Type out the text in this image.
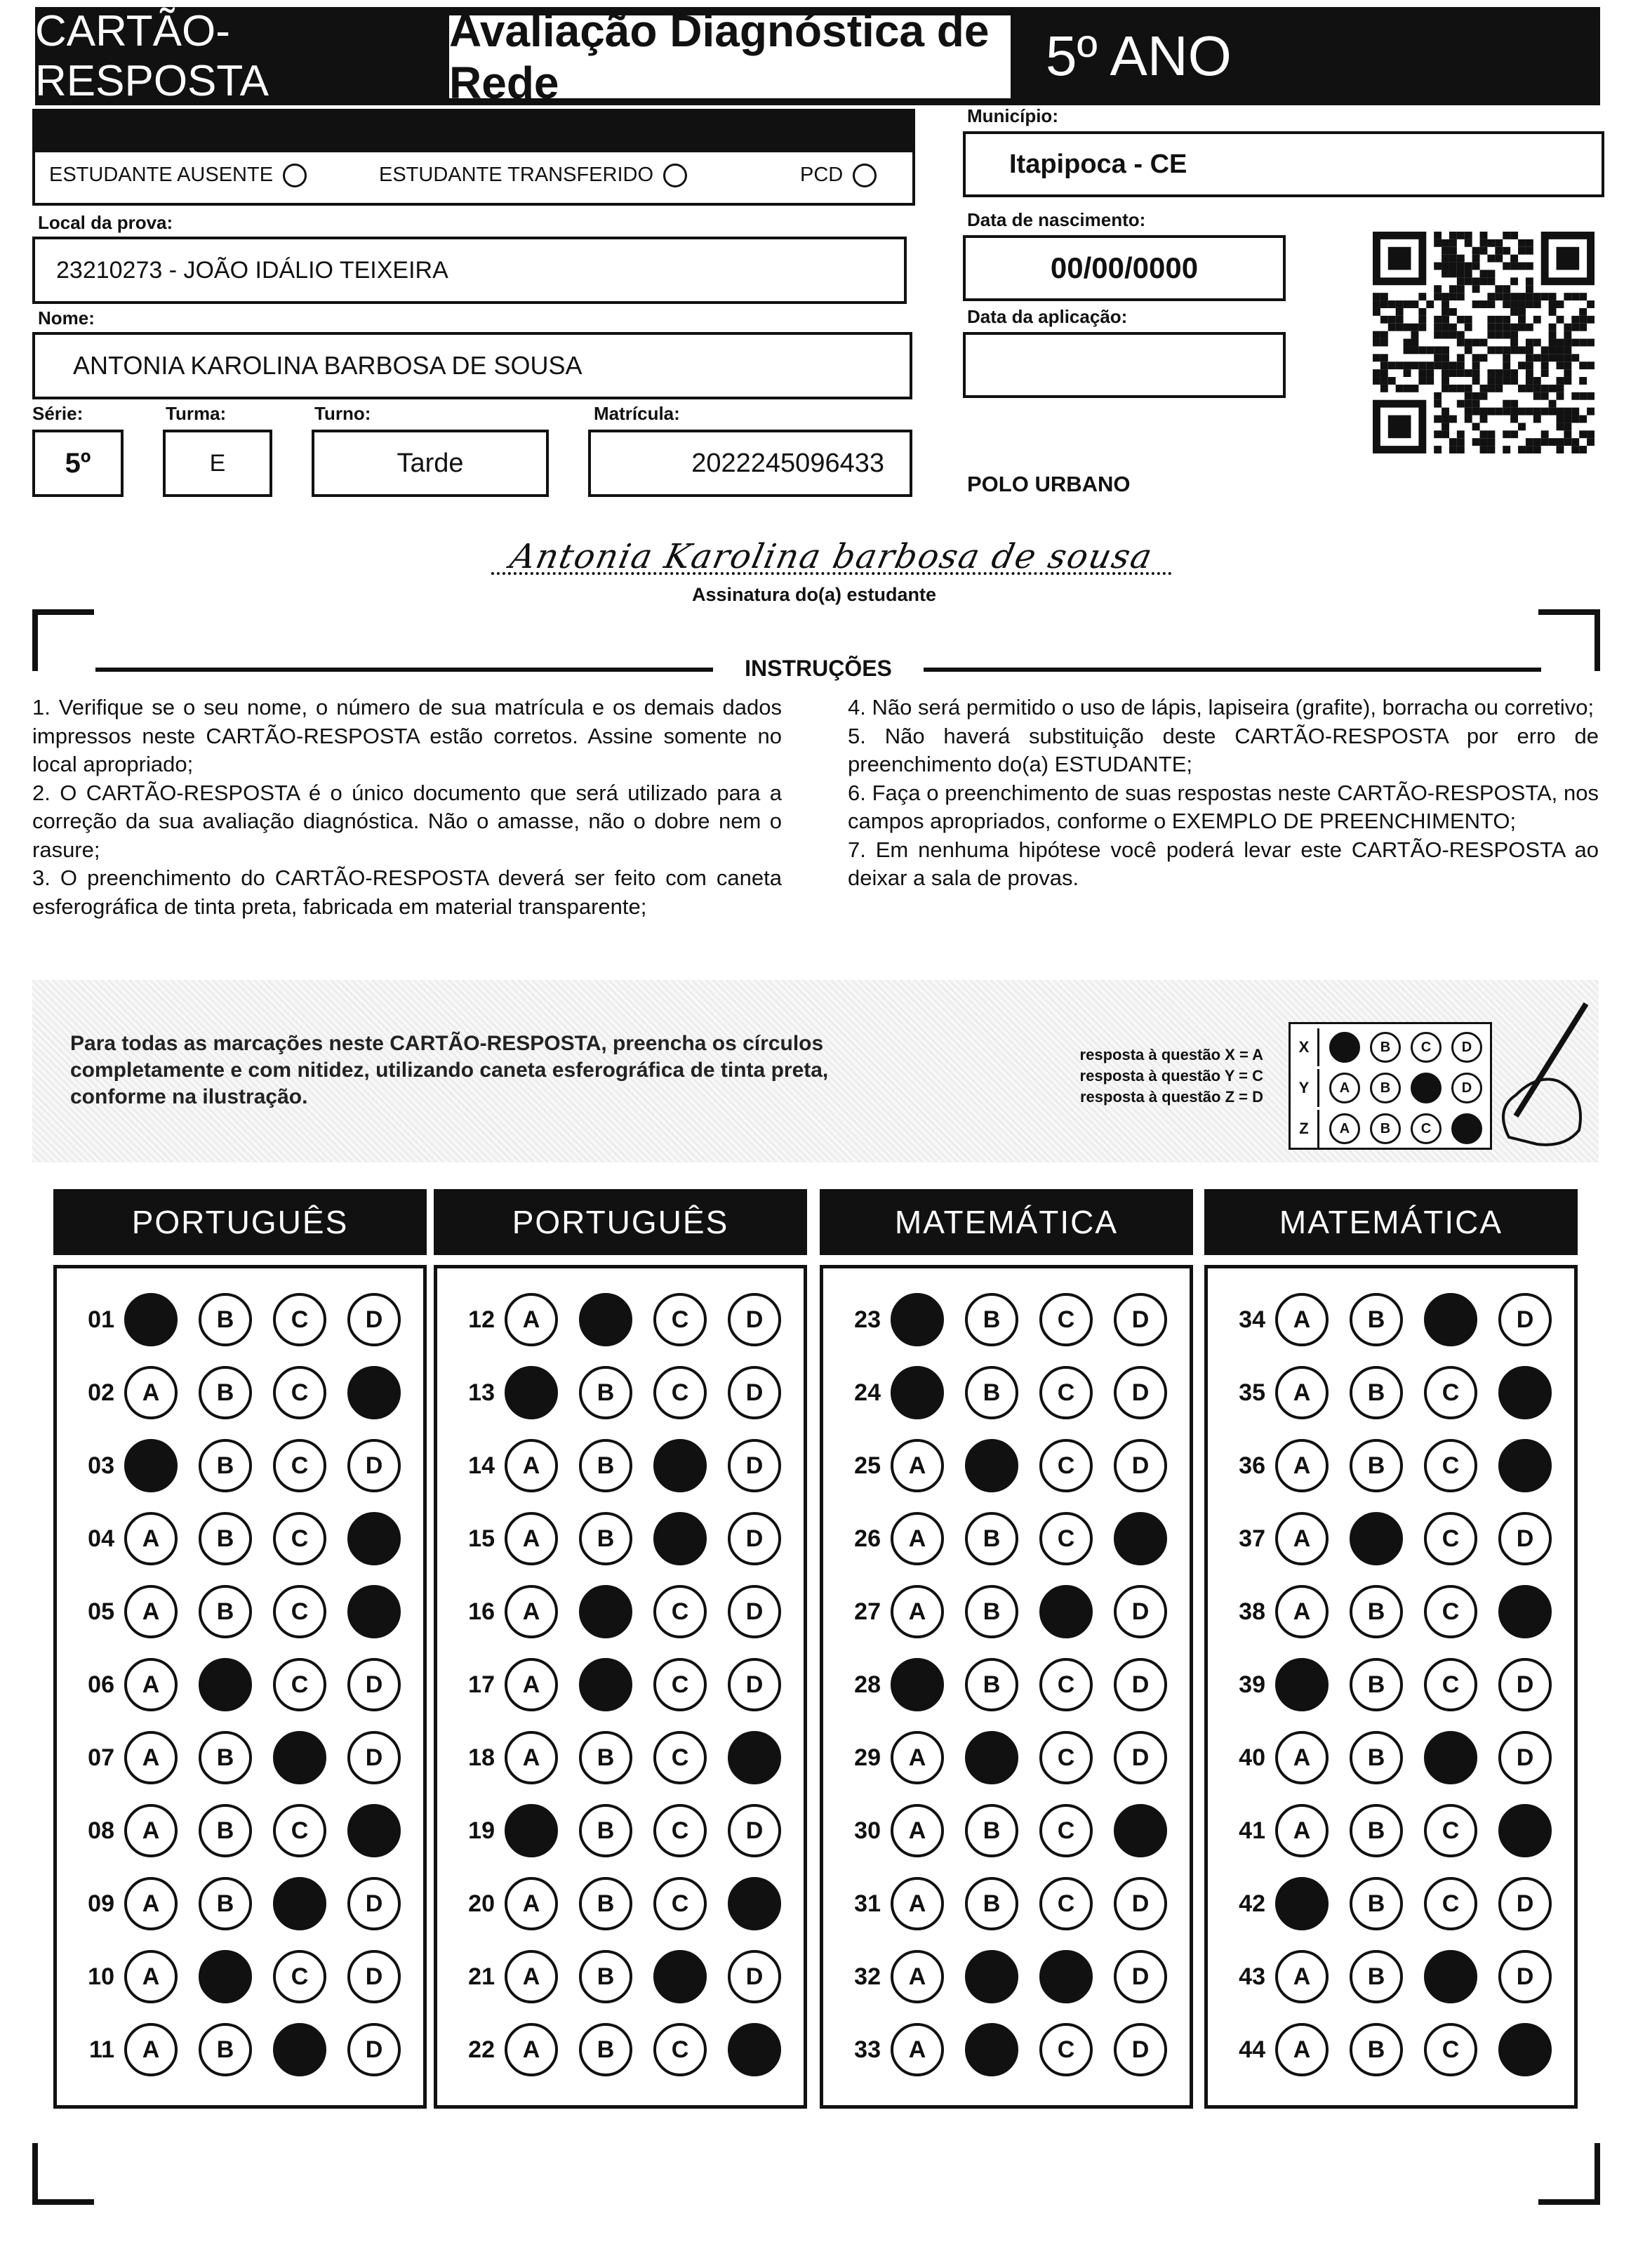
CARTÃO-RESPOSTA
Avaliação Diagnóstica de Rede	5º ANO
ESTUDANTE AUSENTE	ESTUDANTE TRANSFERIDO	PCD
Local da prova:
23210273 - JOÃO IDÁLIO TEIXEIRA
Nome:
ANTONIA KAROLINA BARBOSA DE SOUSA
Série:
5º
Turma:
E
Turno:
Tarde
Matrícula:
2022245096433
Município:
Itapipoca - CE
Data de nascimento:
00/00/0000
Data da aplicação:
POLO URBANO
Antonia Karolina barbosa de sousa
Assinatura do(a) estudante
INSTRUÇÕES

1. Verifique se o seu nome, o número de sua matrícula e os demais dados impressos neste CARTÃO-RESPOSTA estão corretos. Assine somente no local apropriado;

2. O CARTÃO-RESPOSTA é o único documento que será utilizado para a correção da sua avaliação diagnóstica. Não o amasse, não o dobre nem o rasure;

3. O preenchimento do CARTÃO-RESPOSTA deverá ser feito com caneta esferográfica de tinta preta, fabricada em material transparente;

4. Não será permitido o uso de lápis, lapiseira (grafite), borracha ou corretivo;

5. Não haverá substituição deste CARTÃO-RESPOSTA por erro de preenchimento do(a) ESTUDANTE;

6. Faça o preenchimento de suas respostas neste CARTÃO-RESPOSTA, nos campos apropriados, conforme o EXEMPLO DE PREENCHIMENTO;

7. Em nenhuma hipótese você poderá levar este CARTÃO-RESPOSTA ao deixar a sala de provas.

Para todas as marcações neste CARTÃO-RESPOSTA, preencha os círculos completamente e com nitidez, utilizando caneta esferográfica de tinta preta, conforme na ilustração.
resposta à questão X = A
resposta à questão Y = C
resposta à questão Z = D
X	B	C	D
Y	A	B	D
Z	A	B	C
PORTUGUÊS
01	B	C	D
02	A	B	C
03	B	C	D
04	A	B	C
05	A	B	C
06	A	C	D
07	A	B	D
08	A	B	C
09	A	B	D
10	A	C	D
11	A	B	D
PORTUGUÊS
12	A	C	D
13	B	C	D
14	A	B	D
15	A	B	D
16	A	C	D
17	A	C	D
18	A	B	C
19	B	C	D
20	A	B	C
21	A	B	D
22	A	B	C
MATEMÁTICA
23	B	C	D
24	B	C	D
25	A	C	D
26	A	B	C
27	A	B	D
28	B	C	D
29	A	C	D
30	A	B	C
31	A	B	C	D
32	A	D
33	A	C	D
MATEMÁTICA
34	A	B	D
35	A	B	C
36	A	B	C
37	A	C	D
38	A	B	C
39	B	C	D
40	A	B	D
41	A	B	C
42	B	C	D
43	A	B	D
44	A	B	C
